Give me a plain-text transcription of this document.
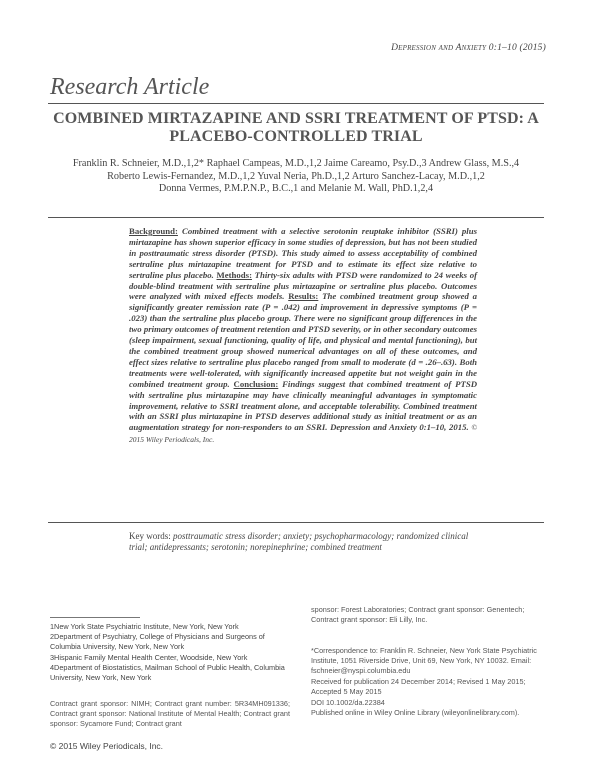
Depression and Anxiety 0:1–10 (2015)
Research Article
COMBINED MIRTAZAPINE AND SSRI TREATMENT OF PTSD: A PLACEBO-CONTROLLED TRIAL
Franklin R. Schneier, M.D.,1,2* Raphael Campeas, M.D.,1,2 Jaime Careamo, Psy.D.,3 Andrew Glass, M.S.,4
Roberto Lewis-Fernandez, M.D.,1,2 Yuval Neria, Ph.D.,1,2 Arturo Sanchez-Lacay, M.D.,1,2
Donna Vermes, P.M.P.N.P., B.C.,1 and Melanie M. Wall, PhD.1,2,4
Background: Combined treatment with a selective serotonin reuptake inhibitor (SSRI) plus mirtazapine has shown superior efficacy in some studies of depression, but has not been studied in posttraumatic stress disorder (PTSD). This study aimed to assess acceptability of combined sertraline plus mirtazapine treatment for PTSD and to estimate its effect size relative to sertraline plus placebo. Methods: Thirty-six adults with PTSD were randomized to 24 weeks of double-blind treatment with sertraline plus mirtazapine or sertraline plus placebo. Outcomes were analyzed with mixed effects models. Results: The combined treatment group showed a significantly greater remission rate (P = .042) and improvement in depressive symptoms (P = .023) than the sertraline plus placebo group. There were no significant group differences in the two primary outcomes of treatment retention and PTSD severity, or in other secondary outcomes (sleep impairment, sexual functioning, quality of life, and physical and mental functioning), but the combined treatment group showed numerical advantages on all of these outcomes, and effect sizes relative to sertraline plus placebo ranged from small to moderate (d = .26–.63). Both treatments were well-tolerated, with significantly increased appetite but not weight gain in the combined treatment group. Conclusion: Findings suggest that combined treatment of PTSD with sertraline plus mirtazapine may have clinically meaningful advantages in symptomatic improvement, relative to SSRI treatment alone, and acceptable tolerability. Combined treatment with an SSRI plus mirtazapine in PTSD deserves additional study as initial treatment or as an augmentation strategy for non-responders to an SSRI. Depression and Anxiety 0:1–10, 2015. © 2015 Wiley Periodicals, Inc.
Key words: posttraumatic stress disorder; anxiety; psychopharmacology; randomized clinical trial; antidepressants; serotonin; norepinephrine; combined treatment
1New York State Psychiatric Institute, New York, New York
2Department of Psychiatry, College of Physicians and Surgeons of Columbia University, New York, New York
3Hispanic Family Mental Health Center, Woodside, New York
4Department of Biostatistics, Mailman School of Public Health, Columbia University, New York, New York
Contract grant sponsor: NIMH; Contract grant number: 5R34MH091336; Contract grant sponsor: National Institute of Mental Health; Contract grant sponsor: Sycamore Fund; Contract grant
© 2015 Wiley Periodicals, Inc.
sponsor: Forest Laboratories; Contract grant sponsor: Genentech; Contract grant sponsor: Eli Lilly, Inc.
*Correspondence to: Franklin R. Schneier, New York State Psychiatric Institute, 1051 Riverside Drive, Unit 69, New York, NY 10032. Email: fschneier@nyspi.columbia.edu
Received for publication 24 December 2014; Revised 1 May 2015; Accepted 5 May 2015
DOI 10.1002/da.22384
Published online in Wiley Online Library (wileyonlinelibrary.com).
